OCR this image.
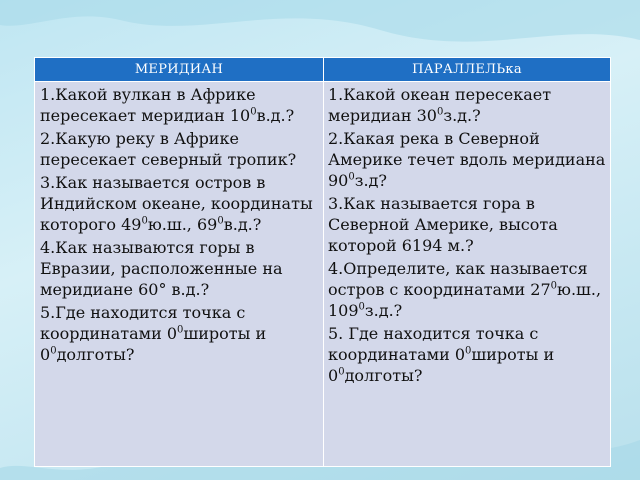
МЕРИДИАН	ПАРАЛЛЕЛЬка
1.Какой вулкан в Африке пересекает меридиан $10^0в.д$.?
2.Какую реку в Африке пересекает северный тропик?
3.Как называется остров в Индийском океане, координаты которого $49^0ю.ш$., $69^0в.д$.?
4.Как называются горы в Евразии, расположенные на меридиане 60° в.д.?
5.Где находится точка с координатами $0^0широты$ и $0^0долготы$?
1.Какой океан пересекает меридиан $30^0з.д$.?
2.Какая река в Северной Америке течет вдоль меридиана $90^0з.д$?
3.Как называется гора в Северной Америке, высота которой 6194 м.?
4.Определите, как называется остров с координатами $27^0ю.ш$., $109^0з.д$.?
5. Где находится точка с координатами $0^0широты$ и $0^0долготы$?
